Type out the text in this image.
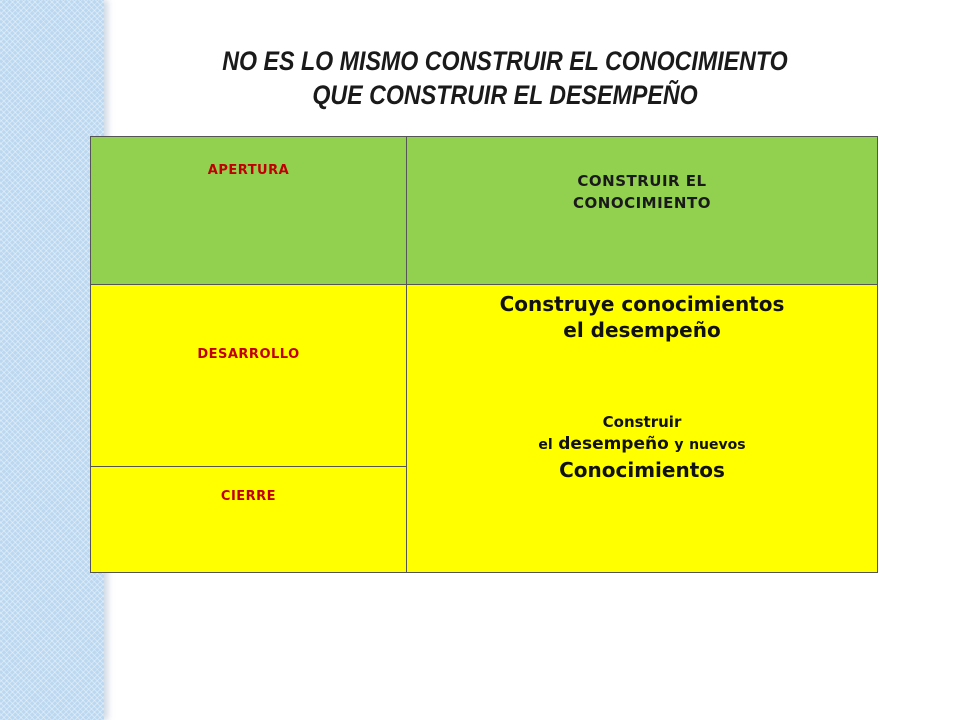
NO ES LO MISMO CONSTRUIR EL CONOCIMIENTO
QUE CONSTRUIR EL DESEMPEÑO
APERTURA
CONSTRUIR EL
CONOCIMIENTO
DESARROLLO
CIERRE
Construye conocimientos
el desempeño
Construir
el desempeño y nuevos
Conocimientos
